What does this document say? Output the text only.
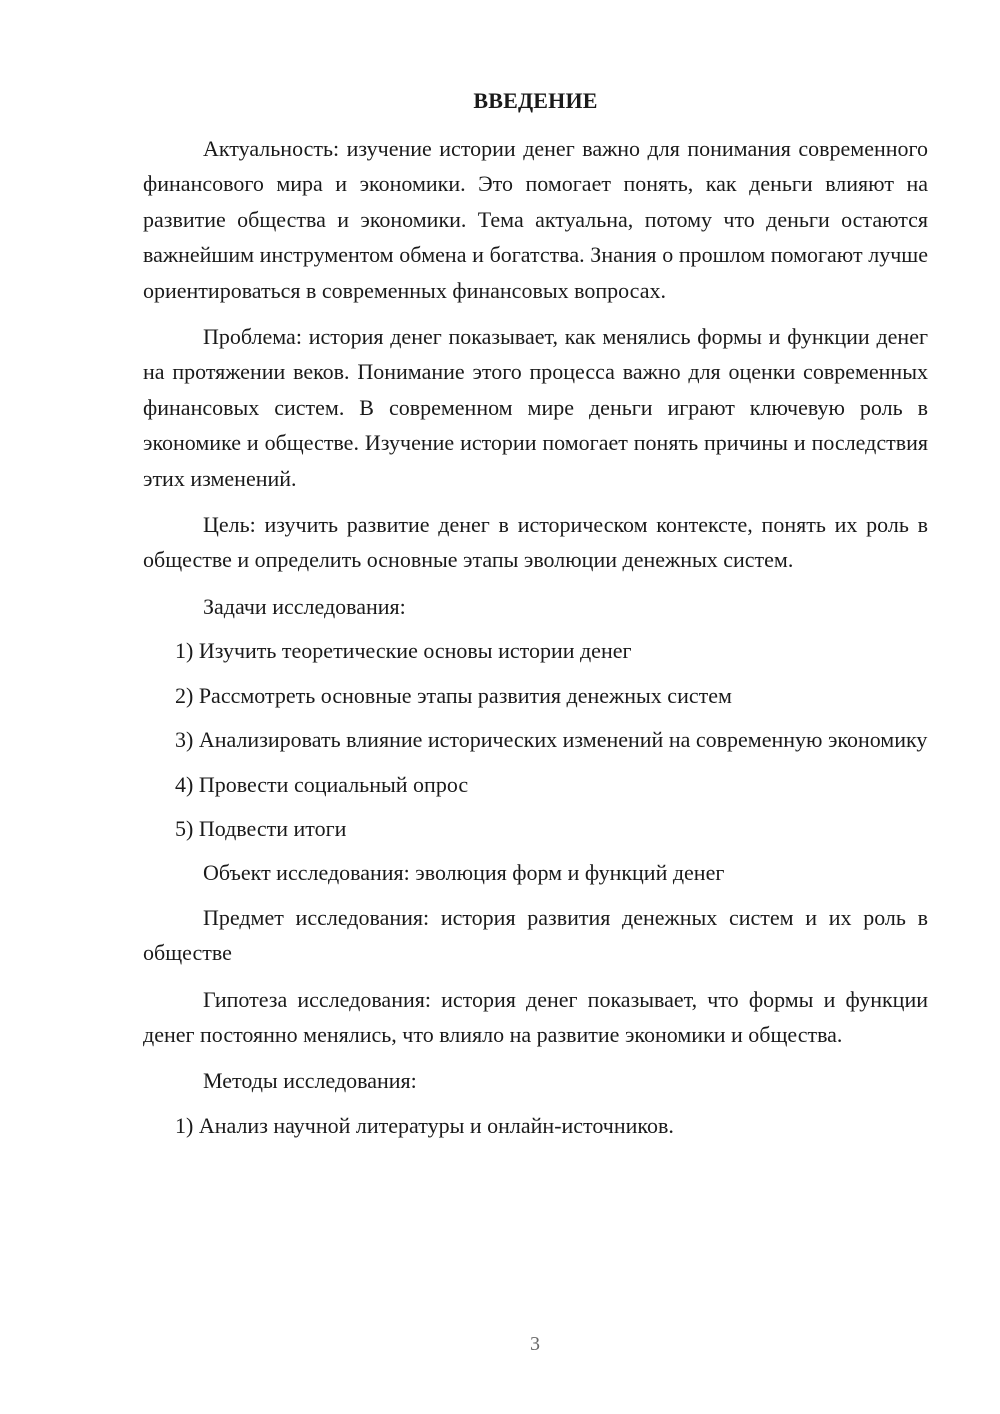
ВВЕДЕНИЕ

Актуальность: изучение истории денег важно для понимания современного финансового мира и экономики. Это помогает понять, как деньги влияют на развитие общества и экономики. Тема актуальна, потому что деньги остаются важнейшим инструментом обмена и богатства. Знания о прошлом помогают лучше ориентироваться в современных финансовых вопросах.

Проблема: история денег показывает, как менялись формы и функции денег на протяжении веков. Понимание этого процесса важно для оценки современных финансовых систем. В современном мире деньги играют ключевую роль в экономике и обществе. Изучение истории помогает понять причины и последствия этих изменений.

Цель: изучить развитие денег в историческом контексте, понять их роль в обществе и определить основные этапы эволюции денежных систем.

Задачи исследования:

1) Изучить теоретические основы истории денег

2) Рассмотреть основные этапы развития денежных систем

3) Анализировать влияние исторических изменений на современную экономику

4) Провести социальный опрос

5) Подвести итоги

Объект исследования: эволюция форм и функций денег

Предмет исследования: история развития денежных систем и их роль в обществе

Гипотеза исследования: история денег показывает, что формы и функции денег постоянно менялись, что влияло на развитие экономики и общества.

Методы исследования:

1) Анализ научной литературы и онлайн-источников.

3
